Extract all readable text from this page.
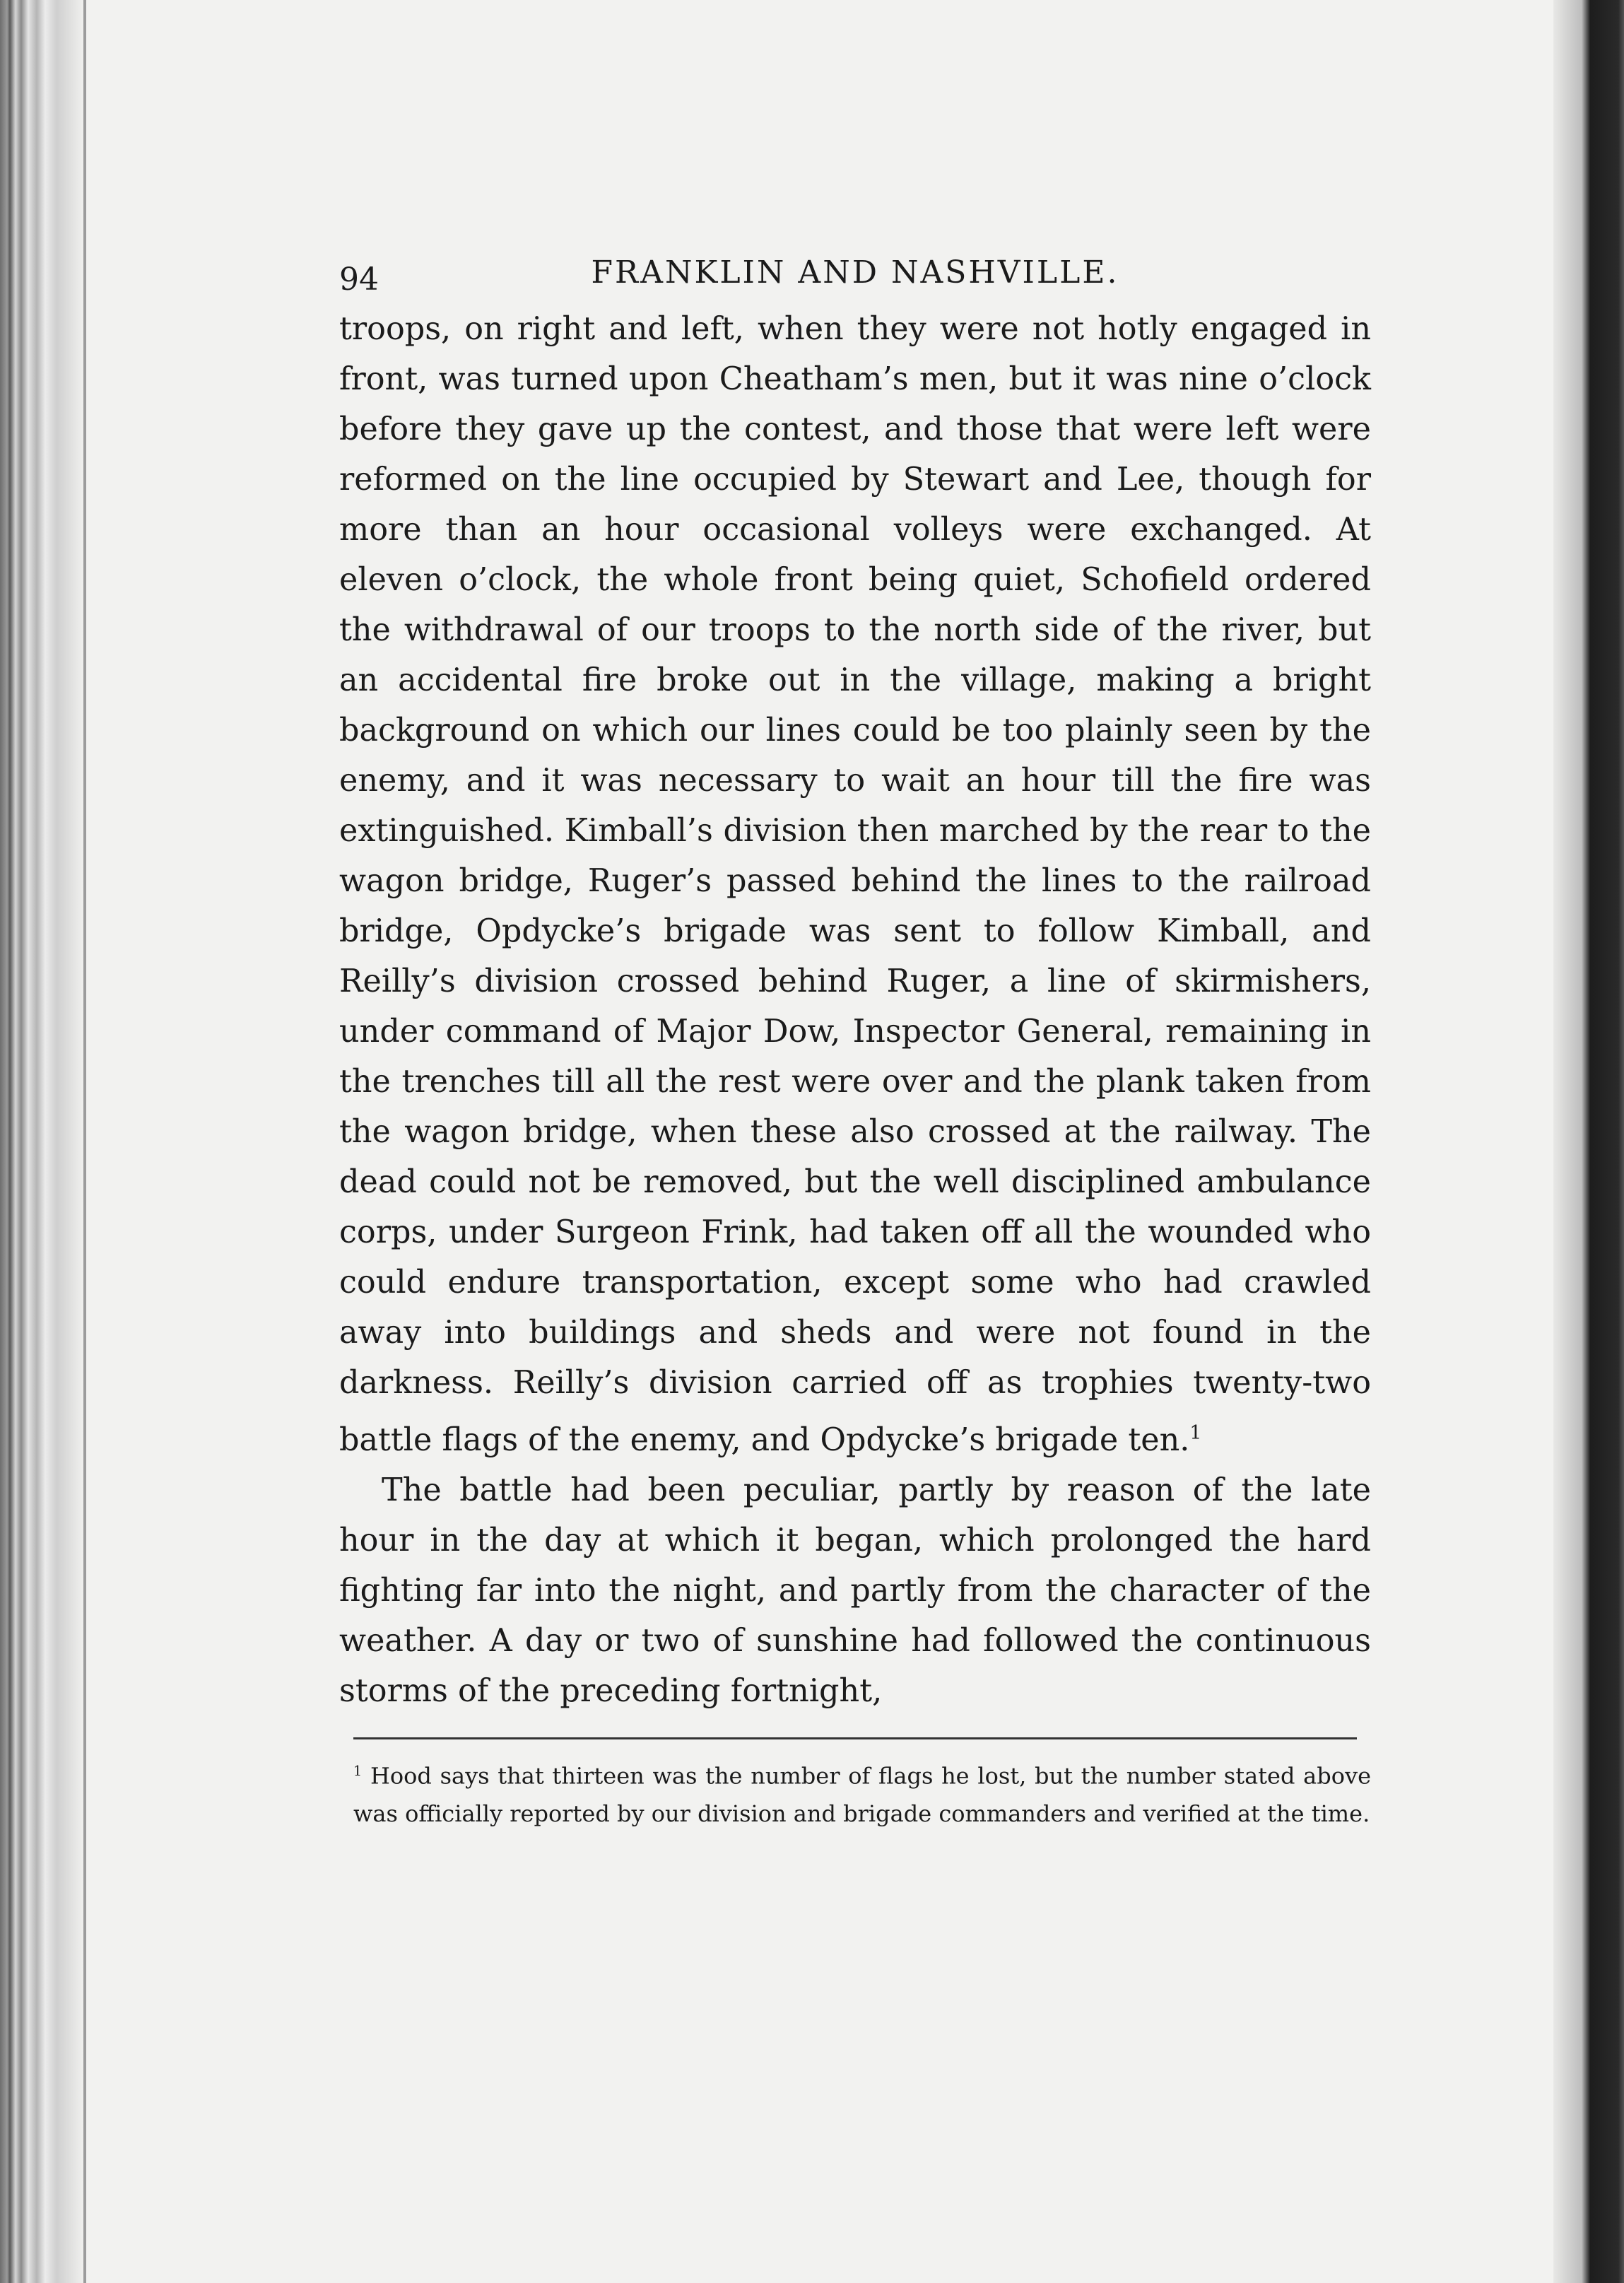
94	FRANKLIN AND NASHVILLE.

troops, on right and left, when they were not hotly engaged in front, was turned upon Cheatham’s men, but it was nine o’clock before they gave up the contest, and those that were left were reformed on the line occupied by Stewart and Lee, though for more than an hour occasional volleys were exchanged. At eleven o’clock, the whole front being quiet, Schofield ordered the withdrawal of our troops to the north side of the river, but an accidental fire broke out in the village, making a bright background on which our lines could be too plainly seen by the enemy, and it was necessary to wait an hour till the fire was extinguished. Kimball’s division then marched by the rear to the wagon bridge, Ruger’s passed behind the lines to the railroad bridge, Opdycke’s brigade was sent to follow Kimball, and Reilly’s division crossed behind Ruger, a line of skirmishers, under command of Major Dow, Inspector General, remaining in the trenches till all the rest were over and the plank taken from the wagon bridge, when these also crossed at the railway. The dead could not be removed, but the well disciplined ambulance corps, under Surgeon Frink, had taken off all the wounded who could endure transportation, except some who had crawled away into buildings and sheds and were not found in the darkness. Reilly’s division carried off as trophies twenty-two battle flags of the enemy, and Opdycke’s brigade ten.$^1$

The battle had been peculiar, partly by reason of the late hour in the day at which it began, which prolonged the hard fighting far into the night, and partly from the character of the weather. A day or two of sunshine had followed the continuous storms of the preceding fortnight,

$^1$ Hood says that thirteen was the number of flags he lost, but the number stated above was officially reported by our division and brigade commanders and verified at the time.
